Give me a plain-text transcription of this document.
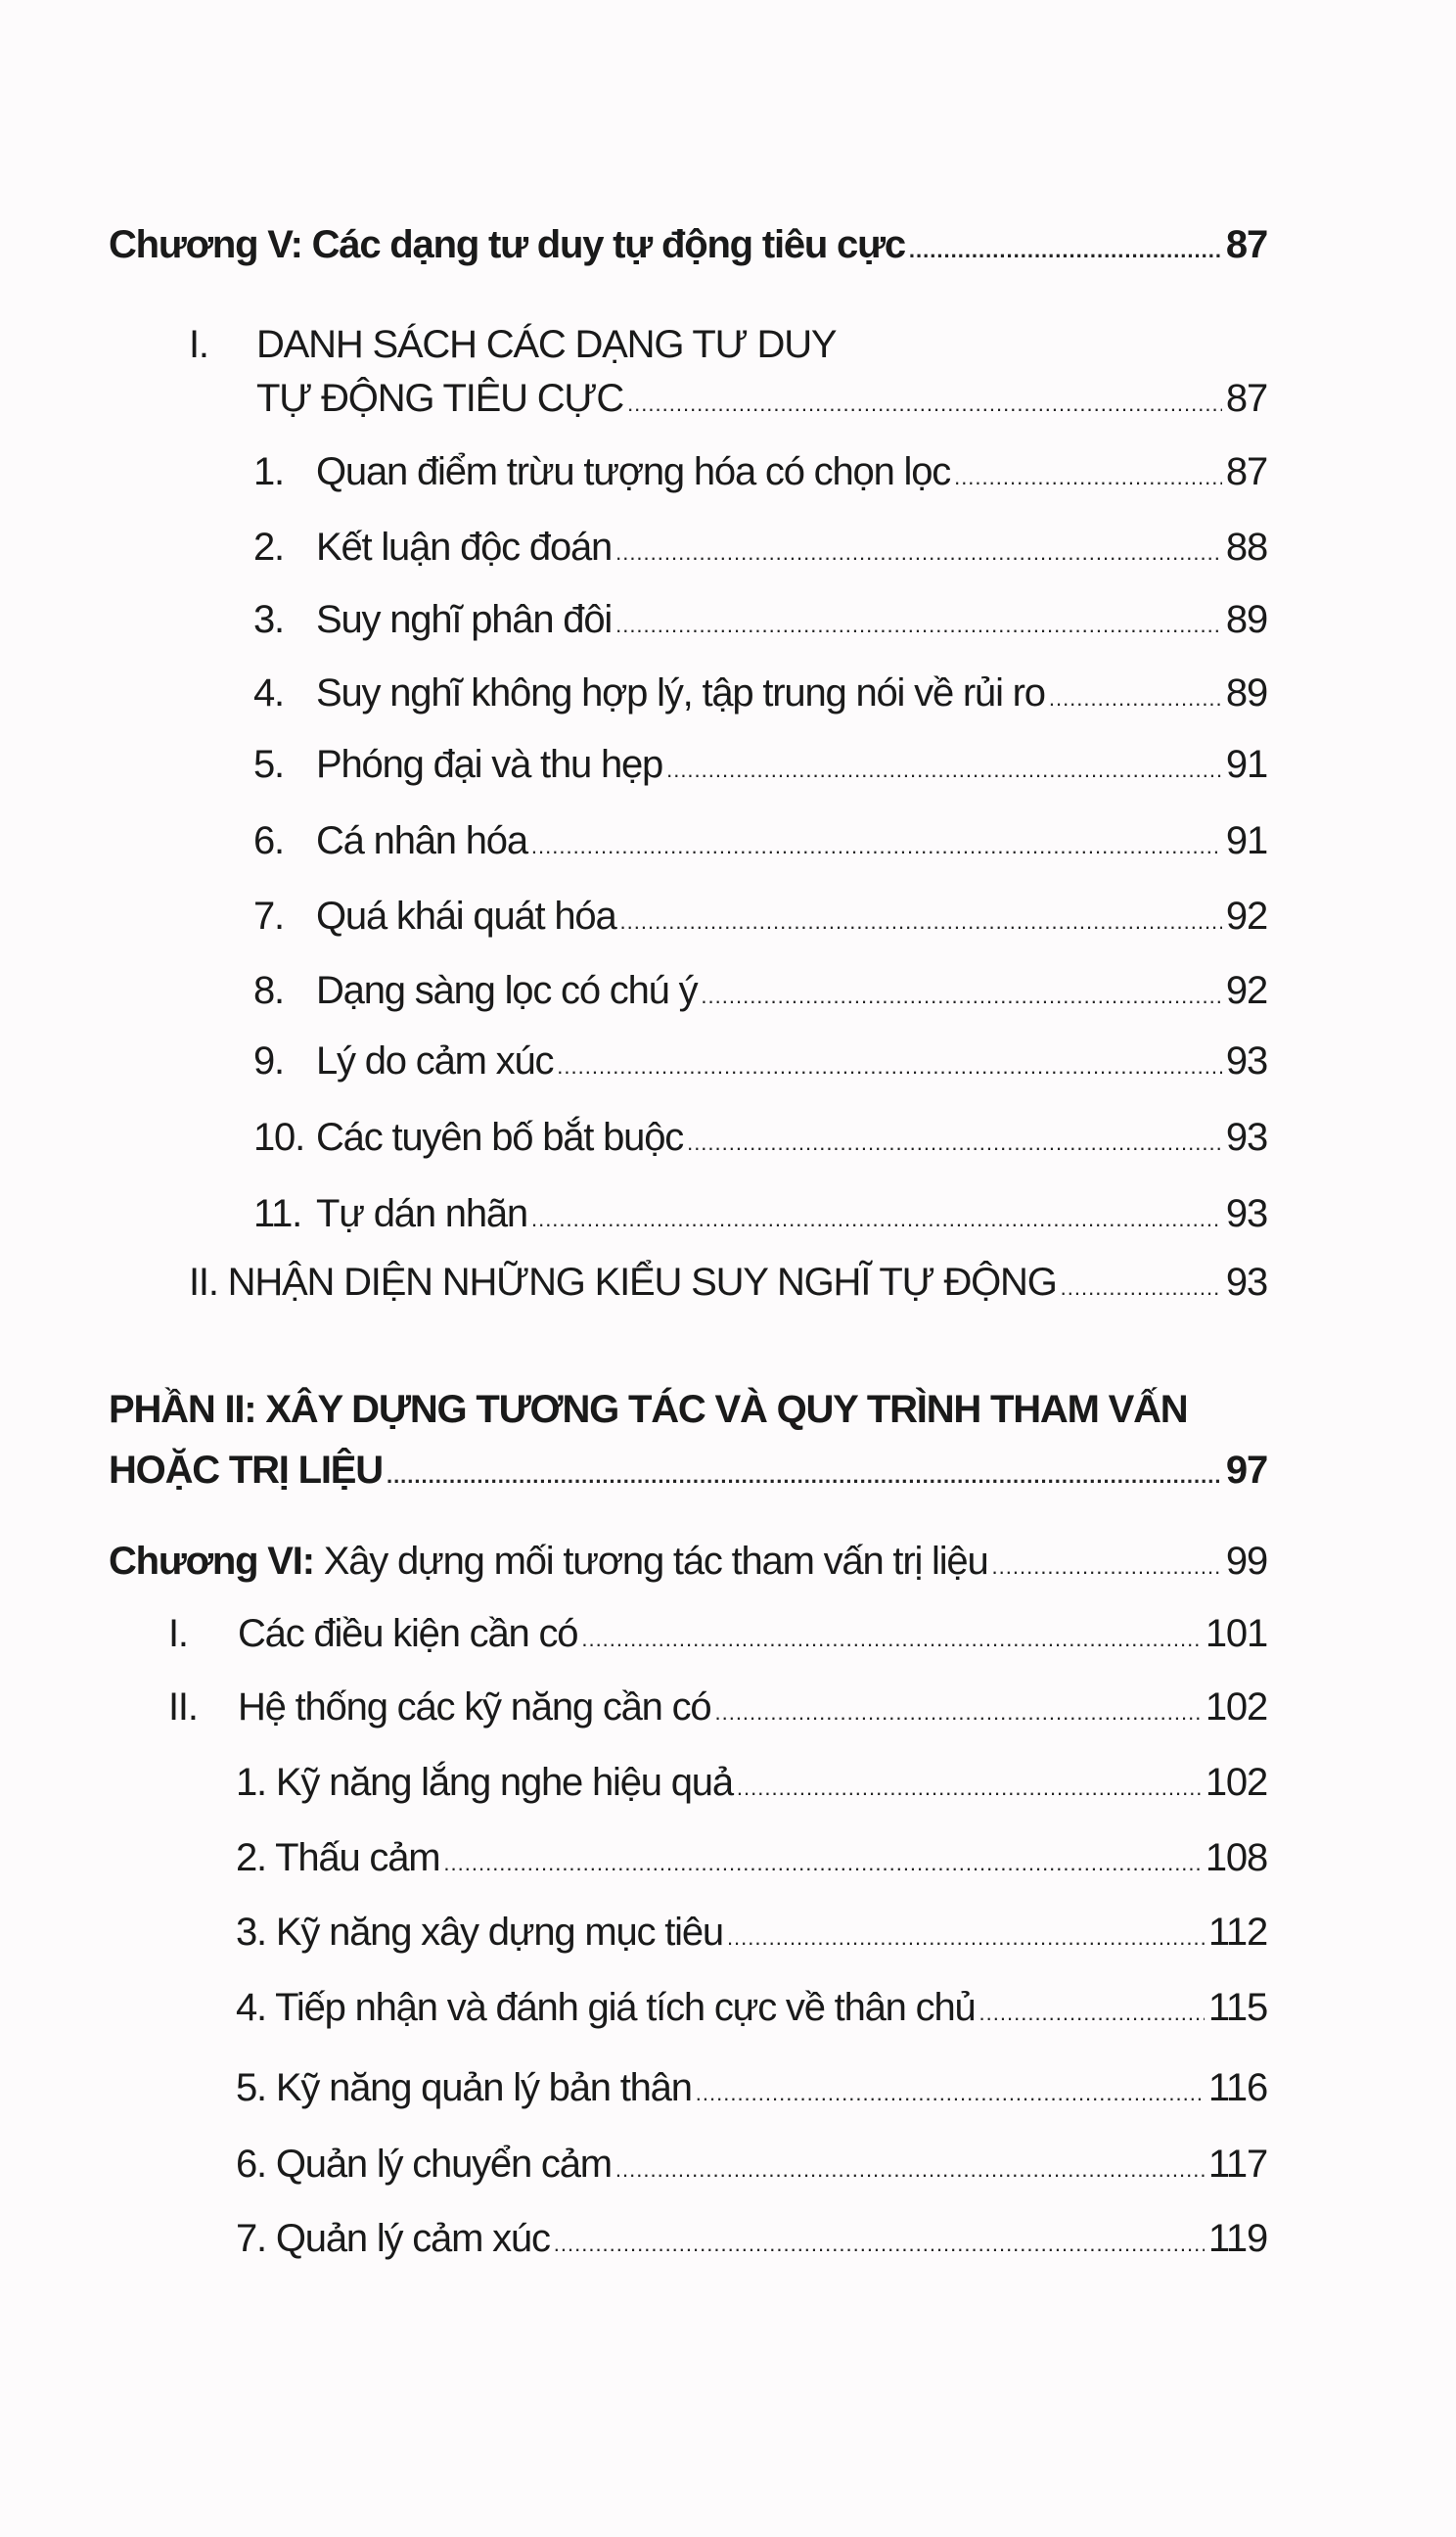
Chương V: Các dạng tư duy tự động tiêu cực .....	87
I. DANH SÁCH CÁC DẠNG TƯ DUY
TỰ ĐỘNG TIÊU CỰC .....	87
1. Quan điểm trừu tượng hóa có chọn lọc .....	87
2. Kết luận độc đoán .....	88
3. Suy nghĩ phân đôi .....	89
4. Suy nghĩ không hợp lý, tập trung nói về rủi ro .....	89
5. Phóng đại và thu hẹp .....	91
6. Cá nhân hóa .....	91
7. Quá khái quát hóa .....	92
8. Dạng sàng lọc có chú ý .....	92
9. Lý do cảm xúc .....	93
10. Các tuyên bố bắt buộc .....	93
11. Tự dán nhãn .....	93
II. NHẬN DIỆN NHỮNG KIỂU SUY NGHĨ TỰ ĐỘNG .....	93
PHẦN II: XÂY DỰNG TƯƠNG TÁC VÀ QUY TRÌNH THAM VẤN
HOẶC TRỊ LIỆU .....	97
Chương VI: Xây dựng mối tương tác tham vấn trị liệu .....	99
I.	Các điều kiện cần có .....	101
II.	Hệ thống các kỹ năng cần có .....	102
1. Kỹ năng lắng nghe hiệu quả .....	102
2. Thấu cảm .....	108
3. Kỹ năng xây dựng mục tiêu .....	112
4. Tiếp nhận và đánh giá tích cực về thân chủ .....	115
5. Kỹ năng quản lý bản thân .....	116
6. Quản lý chuyển cảm .....	117
7. Quản lý cảm xúc .....	119
